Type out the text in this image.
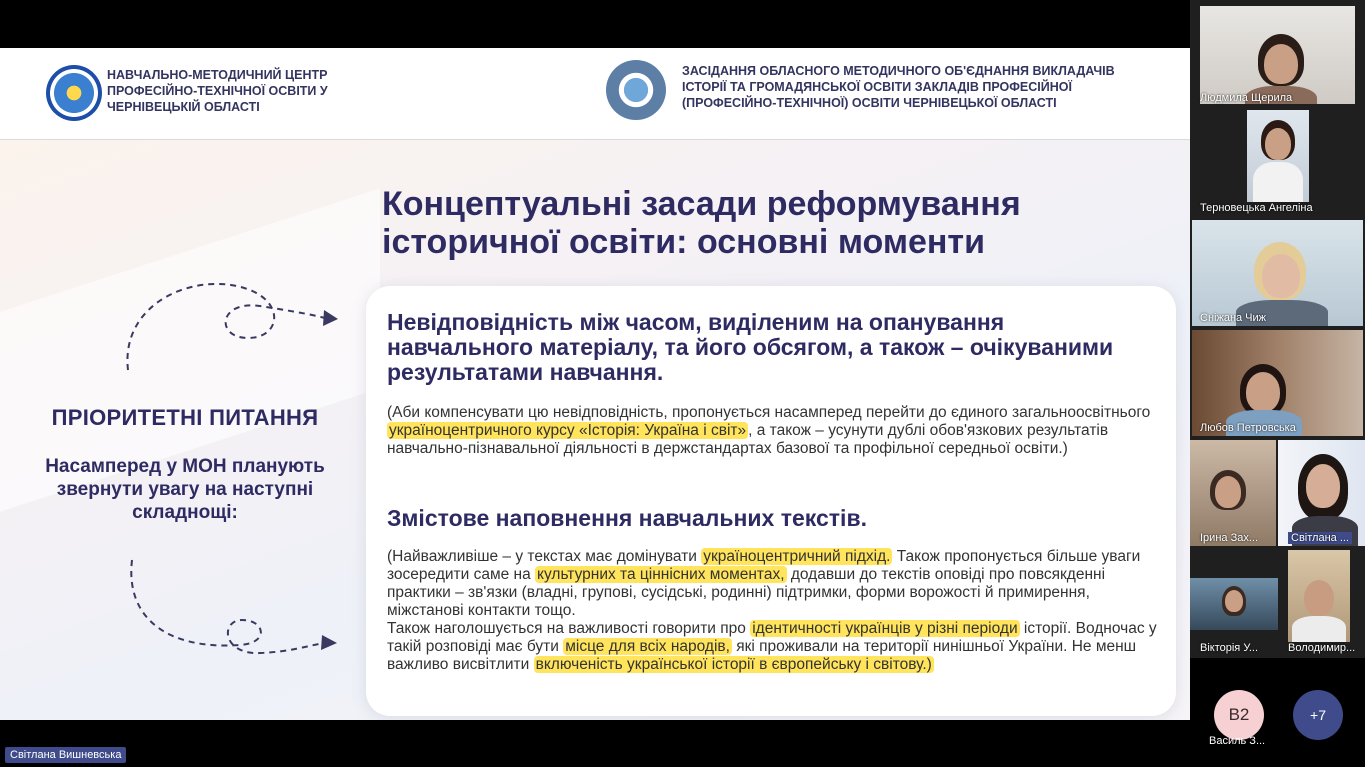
НАВЧАЛЬНО-МЕТОДИЧНИЙ ЦЕНТР ПРОФЕСІЙНО-ТЕХНІЧНОЇ ОСВІТИ У ЧЕРНІВЕЦЬКІЙ ОБЛАСТІ
ЗАСІДАННЯ ОБЛАСНОГО МЕТОДИЧНОГО ОБ'ЄДНАННЯ ВИКЛАДАЧІВ ІСТОРІЇ ТА ГРОМАДЯНСЬКОЇ ОСВІТИ ЗАКЛАДІВ ПРОФЕСІЙНОЇ (ПРОФЕСІЙНО-ТЕХНІЧНОЇ) ОСВІТИ ЧЕРНІВЕЦЬКОЇ ОБЛАСТІ
Концептуальні засади реформування історичної освіти: основні моменти
ПРІОРИТЕТНІ ПИТАННЯ
Насамперед у МОН планують звернути увагу на наступні складнощі:
Невідповідність між часом, виділеним на опанування навчального матеріалу, та його обсягом, а також – очікуваними результатами навчання.
(Аби компенсувати цю невідповідність, пропонується насамперед перейти до єдиного загальноосвітнього україноцентричного курсу «Історія: Україна і світ» , а також – усунути дублі обов'язкових результатів навчально-пізнавальної діяльності в держстандартах базової та профільної середньої освіти.)
Змістове наповнення навчальних текстів.
(Найважливіше – у текстах має домінувати україноцентричний підхід. Також пропонується більше уваги зосередити саме на культурних та ціннісних моментах, додавши до текстів оповіді про повсякденні практики – зв'язки (владні, групові, сусідські, родинні) підтримки, форми ворожості й примирення, міжстанові контакти тощо.
Також наголошується на важливості говорити про ідентичності українців у різні періоди історії. Водночас у такій розповіді має бути місце для всіх народів, які проживали на території нинішньої України. Не менш важливо висвітлити включеність української історії в європейську і світову.)
Людмила Щерила
Терновецька Ангеліна
Сніжана Чиж
Любов Петровська
Ірина Зах...	Світлана ...
Вікторія У...	Володимир...
В2
Василь З...
+7
Світлана Вишневська
